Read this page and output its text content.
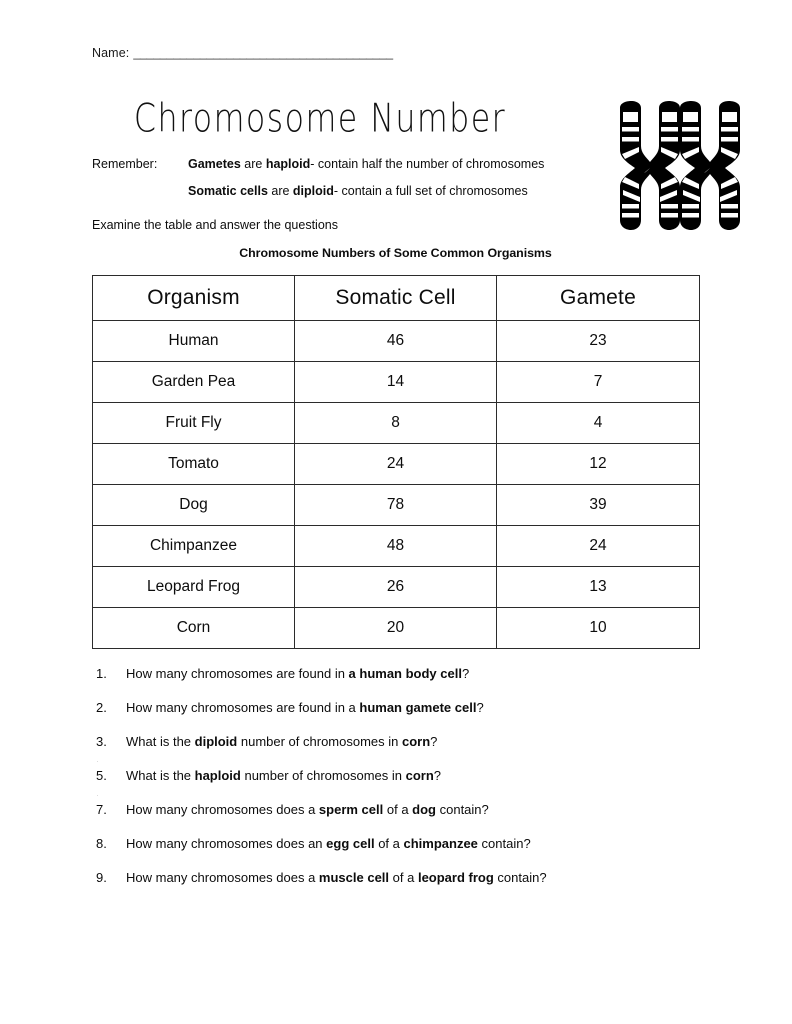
Name: _______________________________________
Chromosome Number
Remember:	Gametes are haploid- contain half the number of chromosomes
Somatic cells are diploid- contain a full set of chromosomes
Examine the table and answer the questions
Chromosome Numbers of Some Common Organisms
Organism	Somatic Cell	Gamete
Human	46	23
Garden Pea	14	7
Fruit Fly	8	4
Tomato	24	12
Dog	78	39
Chimpanzee	48	24
Leopard Frog	26	13
Corn	20	10
1.	How many chromosomes are found in a human body cell?
2.	How many chromosomes are found in a human gamete cell?
3.	What is the diploid number of chromosomes in corn?
.
5.	What is the haploid number of chromosomes in corn?
.
7.	How many chromosomes does a sperm cell of a dog contain?
8.	How many chromosomes does an egg cell of a chimpanzee contain?
9.	How many chromosomes does a muscle cell of a leopard frog contain?
